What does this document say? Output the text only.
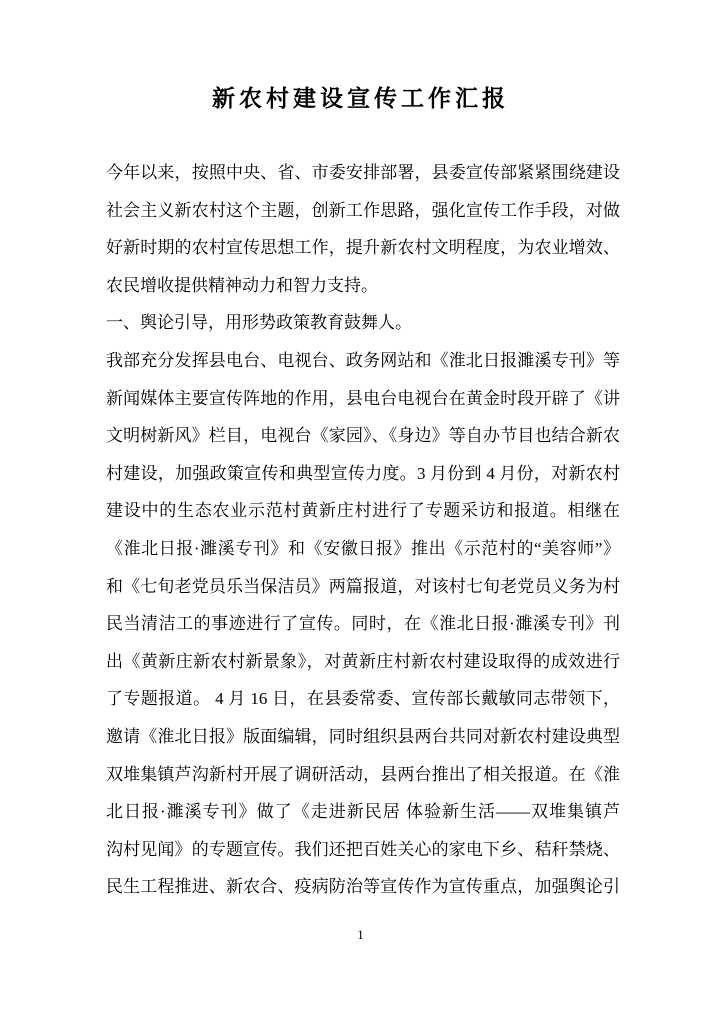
新农村建设宣传工作汇报
今年以来，按照中央、省、市委安排部署，县委宣传部紧紧围绕建设
社会主义新农村这个主题，创新工作思路，强化宣传工作手段，对做
好新时期的农村宣传思想工作，提升新农村文明程度，为农业增效、
农民增收提供精神动力和智力支持。
一、舆论引导，用形势政策教育鼓舞人。
我部充分发挥县电台、电视台、政务网站和《淮北日报濉溪专刊》等
新闻媒体主要宣传阵地的作用，县电台电视台在黄金时段开辟了《讲
文明树新风》栏目，电视台《家园》、《身边》等自办节目也结合新农
村建设，加强政策宣传和典型宣传力度。3 月份到 4 月份，对新农村
建设中的生态农业示范村黄新庄村进行了专题采访和报道。相继在
《淮北日报·濉溪专刊》和《安徽日报》推出《示范村的“美容师”》
和《七旬老党员乐当保洁员》两篇报道，对该村七旬老党员义务为村
民当清洁工的事迹进行了宣传。同时，在《淮北日报·濉溪专刊》刊
出《黄新庄新农村新景象》，对黄新庄村新农村建设取得的成效进行
了专题报道。 4 月 16 日，在县委常委、宣传部长戴敏同志带领下，
邀请《淮北日报》版面编辑，同时组织县两台共同对新农村建设典型
双堆集镇芦沟新村开展了调研活动，县两台推出了相关报道。在《淮
北日报·濉溪专刊》做了《走进新民居 体验新生活——双堆集镇芦
沟村见闻》的专题宣传。我们还把百姓关心的家电下乡、秸秆禁烧、
民生工程推进、新农合、疫病防治等宣传作为宣传重点，加强舆论引
1
